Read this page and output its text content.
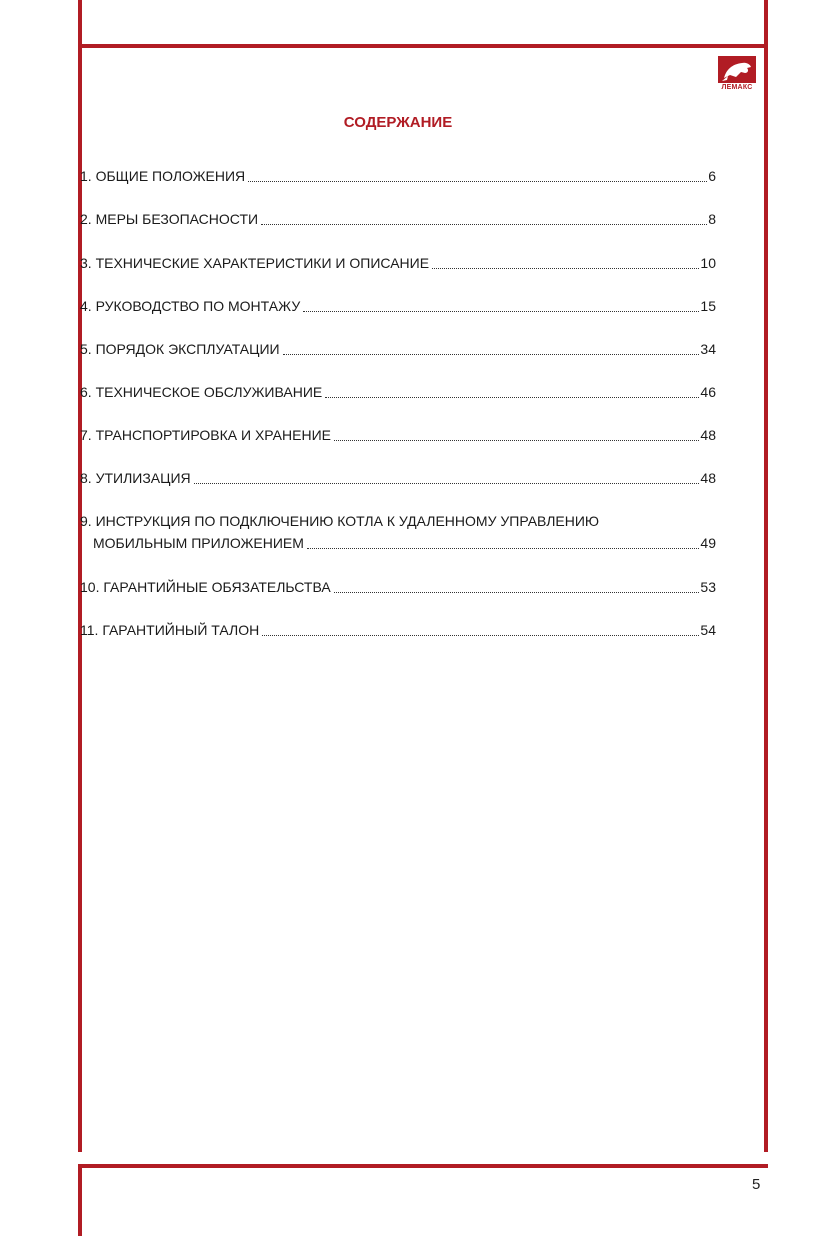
ЛЕМАКС
СОДЕРЖАНИЕ
1. ОБЩИЕ ПОЛОЖЕНИЯ	6
2. МЕРЫ БЕЗОПАСНОСТИ	8
3. ТЕХНИЧЕСКИЕ ХАРАКТЕРИСТИКИ И ОПИСАНИЕ	10
4. РУКОВОДСТВО ПО МОНТАЖУ	15
5. ПОРЯДОК ЭКСПЛУАТАЦИИ	34
6. ТЕХНИЧЕСКОЕ ОБСЛУЖИВАНИЕ	46
7. ТРАНСПОРТИРОВКА И ХРАНЕНИЕ	48
8. УТИЛИЗАЦИЯ	48
9. ИНСТРУКЦИЯ ПО ПОДКЛЮЧЕНИЮ КОТЛА К УДАЛЕННОМУ УПРАВЛЕНИЮ
МОБИЛЬНЫМ ПРИЛОЖЕНИЕМ	49
10. ГАРАНТИЙНЫЕ ОБЯЗАТЕЛЬСТВА	53
11. ГАРАНТИЙНЫЙ ТАЛОН	54
5
